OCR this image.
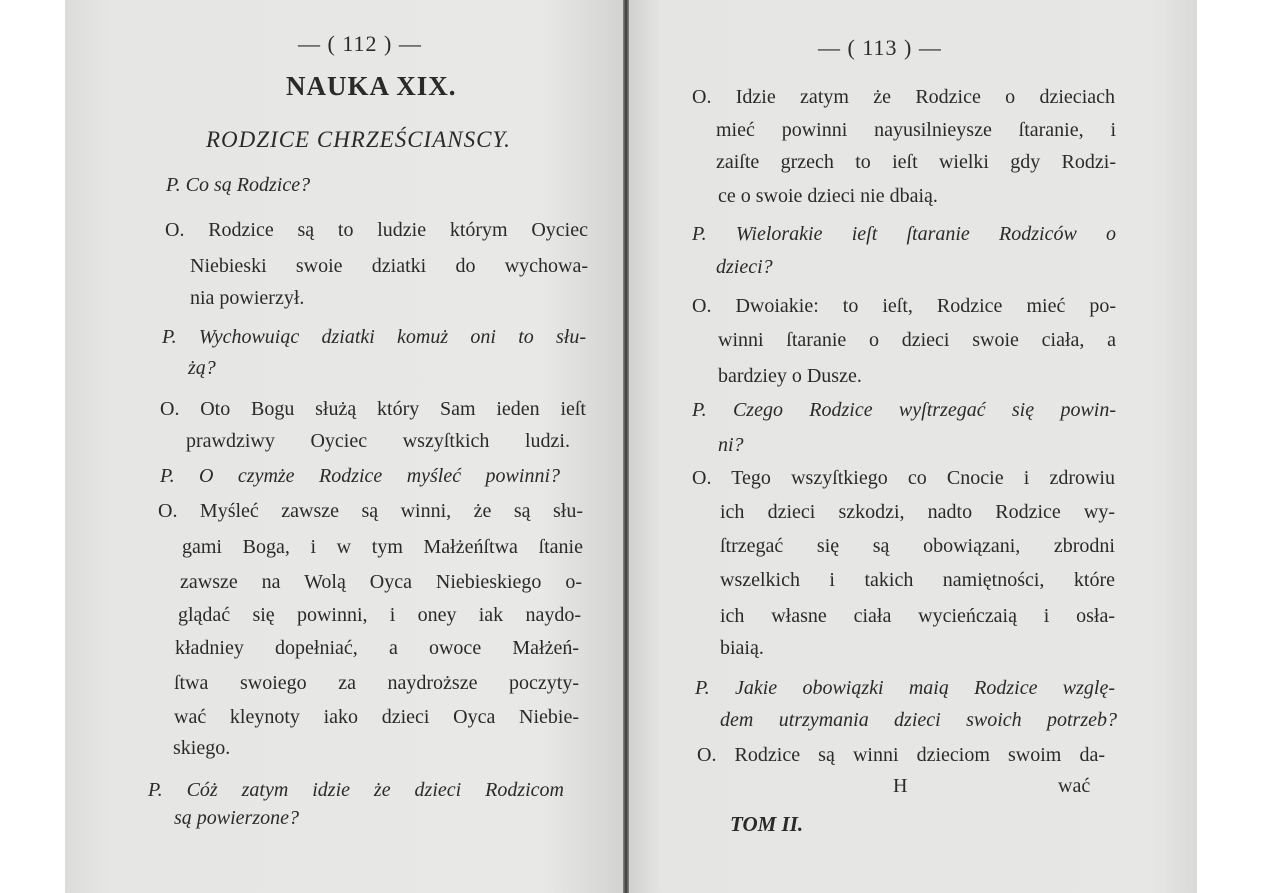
— ( 112 ) —
NAUKA XIX.
RODZICE CHRZEŚCIANSCY.
P. Co są Rodzice?
O. Rodzice są to ludzie którym Oyciec
Niebieski swoie dziatki do wychowa-
nia powierzył.
P. Wychowuiąc dziatki komuż oni to słu-
żą?
O. Oto Bogu służą który Sam ieden ieſt
prawdziwy Oyciec wszyſtkich ludzi.
P. O czymże Rodzice myśleć powinni?
O. Myśleć zawsze są winni, że są słu-
gami Boga, i w tym Małżeńſtwa ſtanie
zawsze na Wolą Oyca Niebieskiego o-
glądać się powinni, i oney iak naydo-
kładniey dopełniać, a owoce Małżeń-
ſtwa swoiego za naydroższe poczyty-
wać kleynoty iako dzieci Oyca Niebie-
skiego.
P. Cóż zatym idzie że dzieci Rodzicom
są powierzone?
— ( 113 ) —
O. Idzie zatym że Rodzice o dzieciach
mieć powinni nayusilnieysze ſtaranie, i
zaiſte grzech to ieſt wielki gdy Rodzi-
ce o swoie dzieci nie dbaią.
P. Wielorakie ieſt ſtaranie Rodziców o
dzieci?
O. Dwoiakie: to ieſt, Rodzice mieć po-
winni ſtaranie o dzieci swoie ciała, a
bardziey o Dusze.
P. Czego Rodzice wyſtrzegać się powin-
ni?
O. Tego wszyſtkiego co Cnocie i zdrowiu
ich dzieci szkodzi, nadto Rodzice wy-
ſtrzegać się są obowiązani, zbrodni
wszelkich i takich namiętności, które
ich własne ciała wycieńczaią i osła-
biaią.
P. Jakie obowiązki maią Rodzice wzglę-
dem utrzymania dzieci swoich potrzeb?
O. Rodzice są winni dzieciom swoim da-
H	wać
TOM II.
